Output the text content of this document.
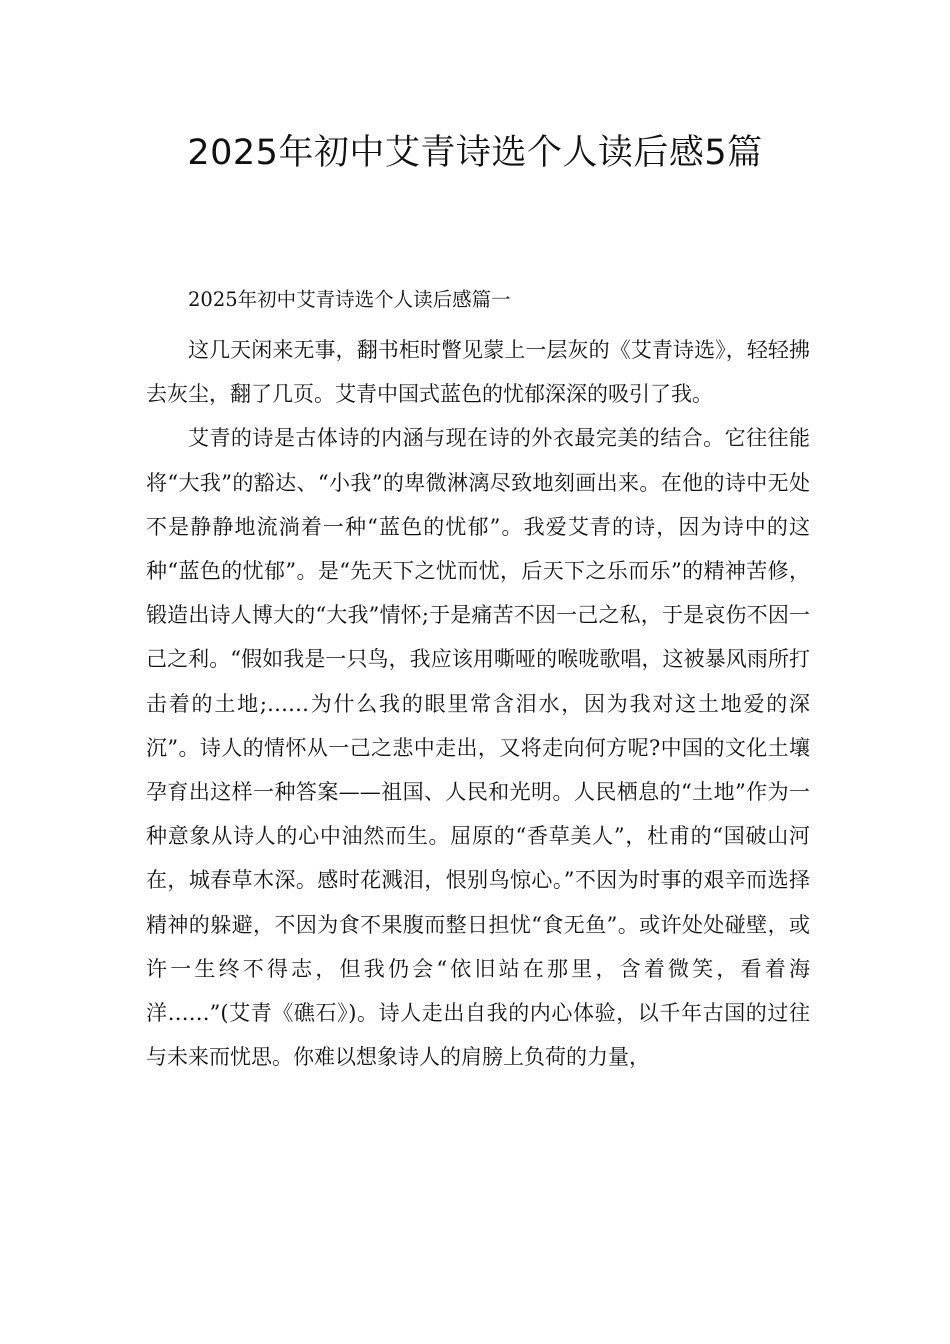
2025年初中艾青诗选个人读后感5篇
2025年初中艾青诗选个人读后感篇一

这几天闲来无事，翻书柜时瞥见蒙上一层灰的《艾青诗选》，轻轻拂去灰尘，翻了几页。艾青中国式蓝色的忧郁深深的吸引了我。

艾青的诗是古体诗的内涵与现在诗的外衣最完美的结合。它往往能将“大我”的豁达、“小我”的卑微淋漓尽致地刻画出来。在他的诗中无处不是静静地流淌着一种“蓝色的忧郁”。我爱艾青的诗，因为诗中的这种“蓝色的忧郁”。是“先天下之忧而忧，后天下之乐而乐”的精神苦修，锻造出诗人博大的“大我”情怀;于是痛苦不因一己之私，于是哀伤不因一己之利。“假如我是一只鸟，我应该用嘶哑的喉咙歌唱，这被暴风雨所打击着的土地;……为什么我的眼里常含泪水，因为我对这土地爱的深沉”。诗人的情怀从一己之悲中走出，又将走向何方呢?中国的文化土壤孕育出这样一种答案——祖国、人民和光明。人民栖息的“土地”作为一种意象从诗人的心中油然而生。屈原的“香草美人”，杜甫的“国破山河在，城春草木深。感时花溅泪，恨别鸟惊心。”不因为时事的艰辛而选择精神的躲避，不因为食不果腹而整日担忧“食无鱼”。或许处处碰壁，或许一生终不得志，但我仍会“依旧站在那里，含着微笑，看着海洋……”(艾青《礁石》)。诗人走出自我的内心体验，以千年古国的过往与未来而忧思。你难以想象诗人的肩膀上负荷的力量，
